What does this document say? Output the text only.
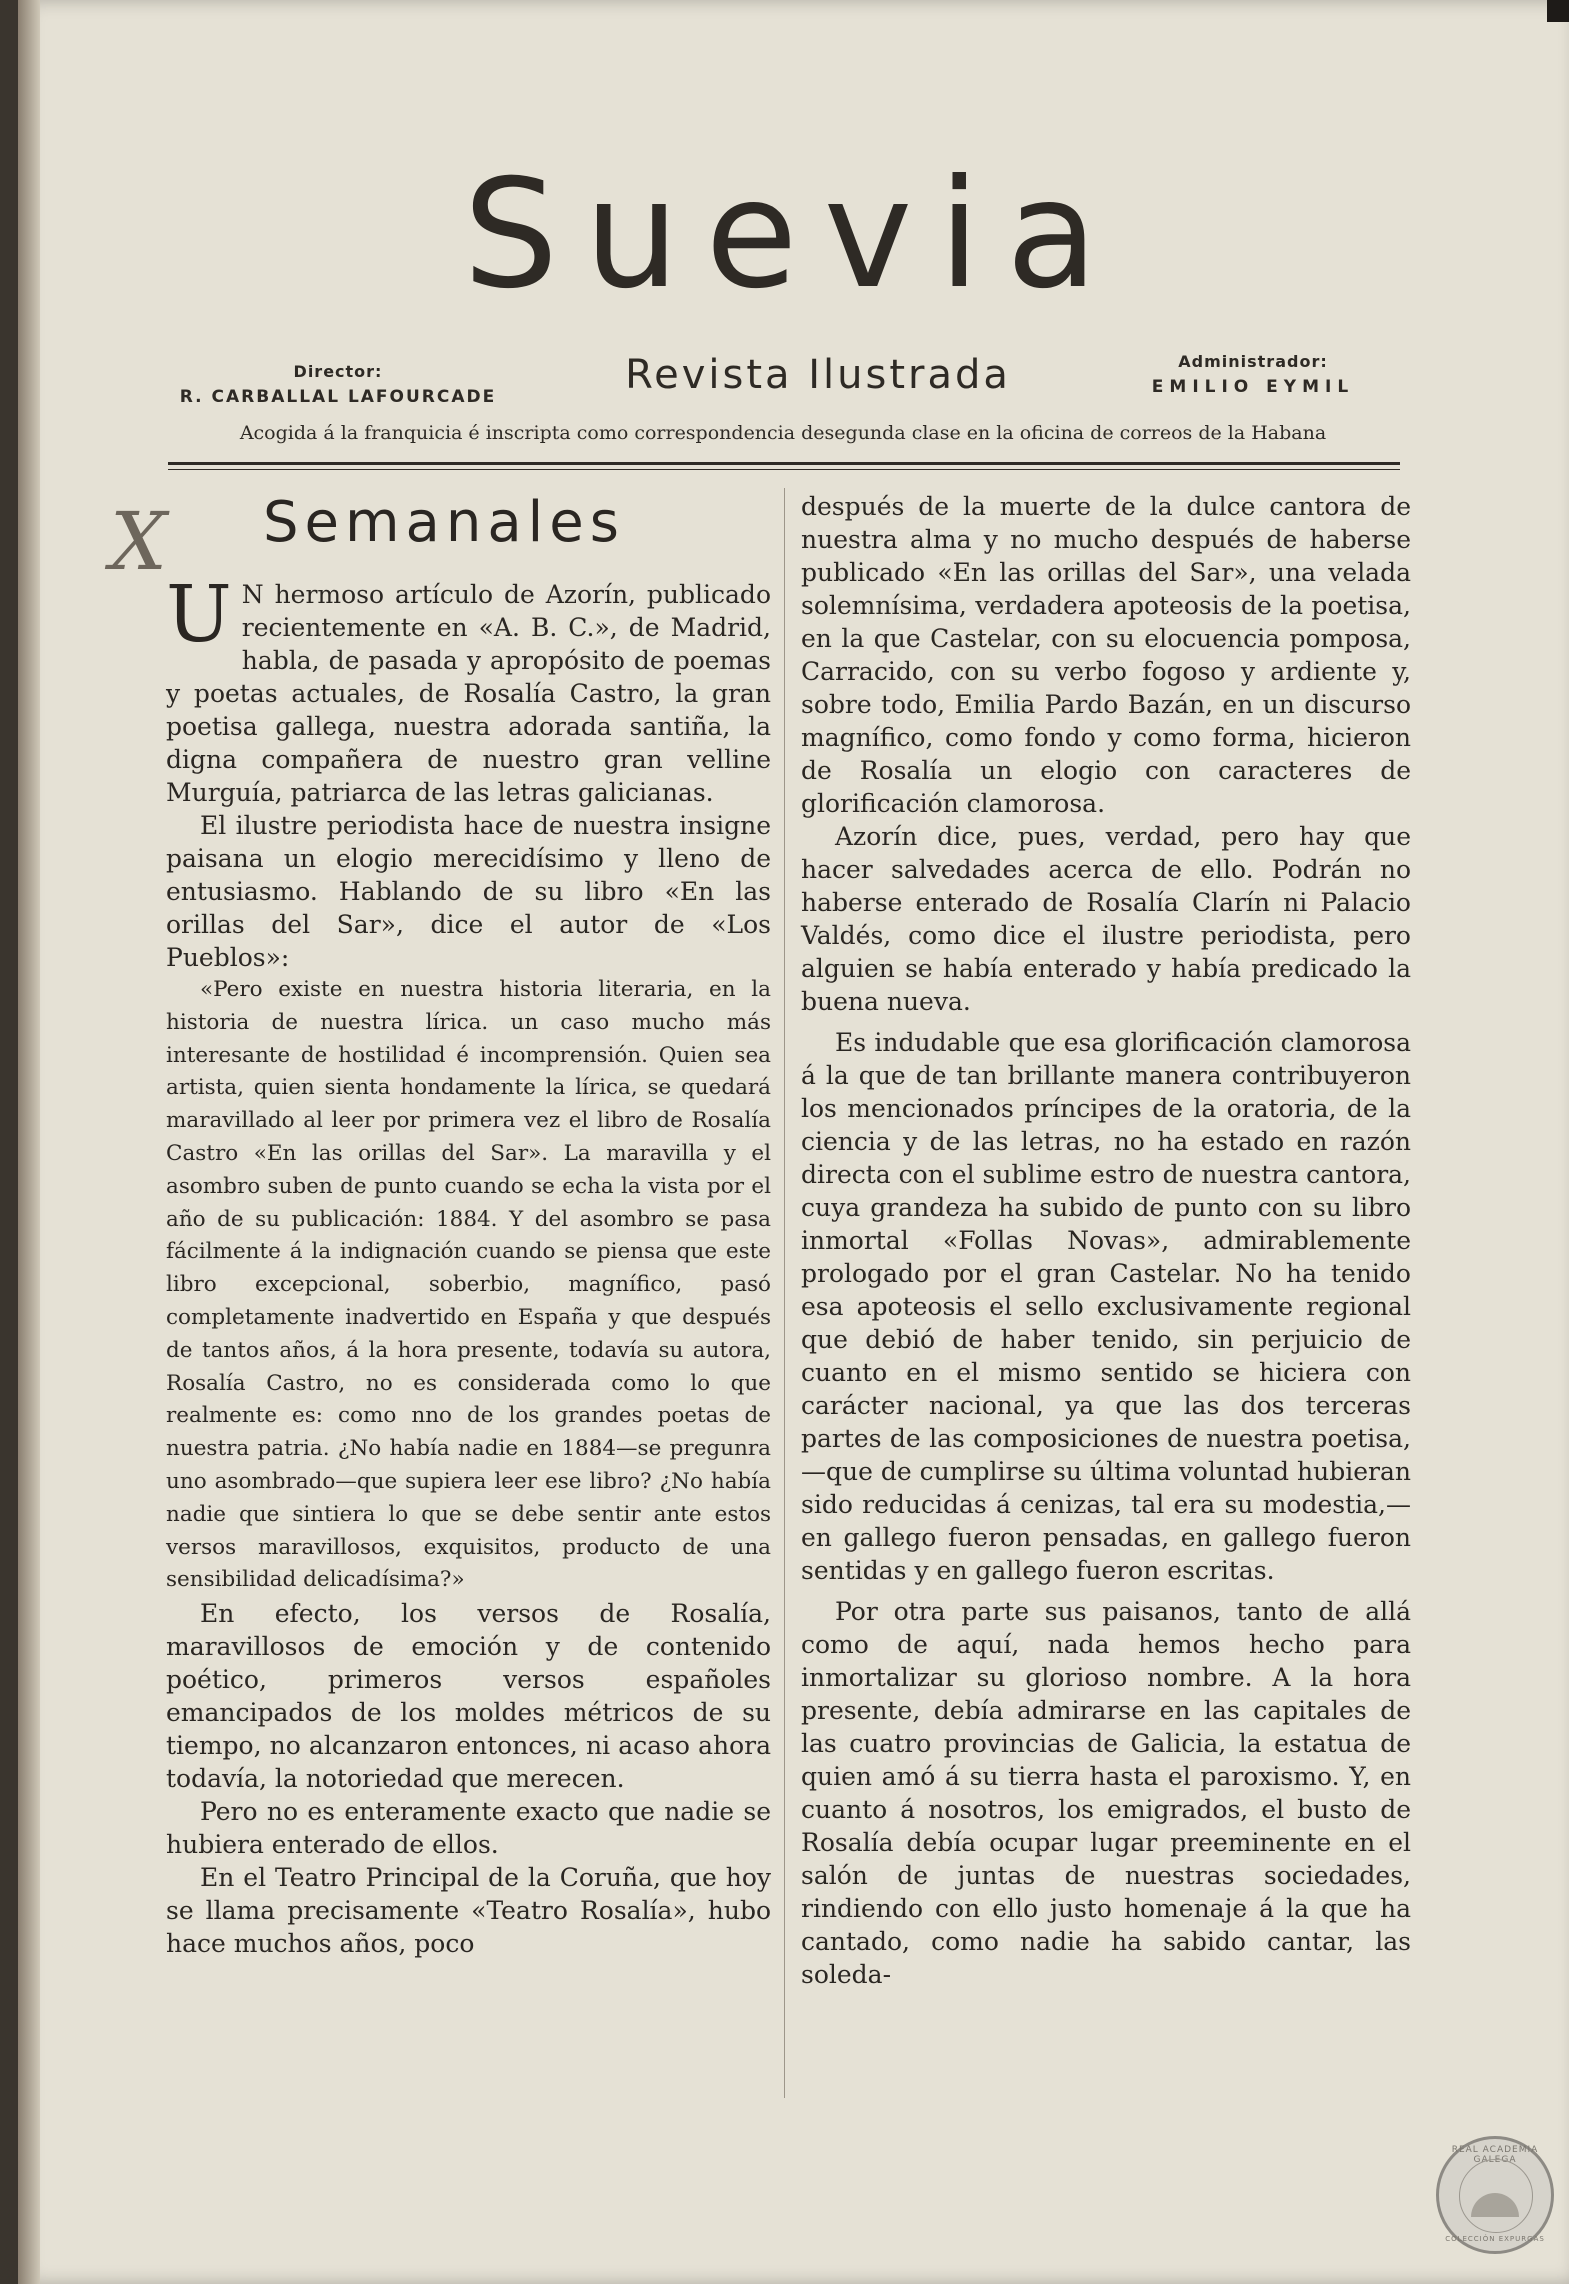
Suevia
Director:
R. CARBALLAL LAFOURCADE	Revista Ilustrada	Administrador:
EMILIO EYMIL
Acogida á la franquicia é inscripta como correspondencia desegunda clase en la oficina de correos de la Habana
X Semanales

U N hermoso artículo de Azorín, publicado recientemente en «A. B. C.», de Madrid, habla, de pasada y apropósito de poemas y poetas actuales, de Rosalía Castro, la gran poetisa gallega, nuestra adorada santiña, la digna compañera de nuestro gran velline Murguía, patriarca de las letras galicianas.

El ilustre periodista hace de nuestra insigne paisana un elogio merecidísimo y lleno de entusiasmo. Hablando de su libro «En las orillas del Sar», dice el autor de «Los Pueblos»:

«Pero existe en nuestra historia literaria, en la historia de nuestra lírica. un caso mucho más interesante de hostilidad é incomprensión. Quien sea artista, quien sienta hondamente la lírica, se quedará maravillado al leer por primera vez el libro de Rosalía Castro «En las orillas del Sar». La maravilla y el asombro suben de punto cuando se echa la vista por el año de su publicación: 1884. Y del asombro se pasa fácilmente á la indignación cuando se piensa que este libro excepcional, soberbio, magnífico, pasó completamente inadvertido en España y que después de tantos años, á la hora presente, todavía su autora, Rosalía Castro, no es considerada como lo que realmente es: como nno de los grandes poetas de nuestra patria. ¿No había nadie en 1884—se pregunra uno asombrado—que supiera leer ese libro? ¿No había nadie que sintiera lo que se debe sentir ante estos versos maravillosos, exquisitos, producto de una sensibilidad delicadísima?»

En efecto, los versos de Rosalía, maravillosos de emoción y de contenido poético, primeros versos españoles emancipados de los moldes métricos de su tiempo, no alcanzaron entonces, ni acaso ahora todavía, la notoriedad que merecen.

Pero no es enteramente exacto que nadie se hubiera enterado de ellos.

En el Teatro Principal de la Coruña, que hoy se llama precisamente «Teatro Rosalía», hubo hace muchos años, poco

después de la muerte de la dulce cantora de nuestra alma y no mucho después de haberse publicado «En las orillas del Sar», una velada solemnísima, verdadera apoteosis de la poetisa, en la que Castelar, con su elocuencia pomposa, Carracido, con su verbo fogoso y ardiente y, sobre todo, Emilia Pardo Bazán, en un discurso magnífico, como fondo y como forma, hicieron de Rosalía un elogio con caracteres de glorificación clamorosa.

Azorín dice, pues, verdad, pero hay que hacer salvedades acerca de ello. Podrán no haberse enterado de Rosalía Clarín ni Palacio Valdés, como dice el ilustre periodista, pero alguien se había enterado y había predicado la buena nueva.

Es indudable que esa glorificación clamorosa á la que de tan brillante manera contribuyeron los mencionados príncipes de la oratoria, de la ciencia y de las letras, no ha estado en razón directa con el sublime estro de nuestra cantora, cuya grandeza ha subido de punto con su libro inmortal «Follas Novas», admirablemente prologado por el gran Castelar. No ha tenido esa apoteosis el sello exclusivamente regional que debió de haber tenido, sin perjuicio de cuanto en el mismo sentido se hiciera con carácter nacional, ya que las dos terceras partes de las composiciones de nuestra poetisa,—que de cumplirse su última voluntad hubieran sido reducidas á cenizas, tal era su modestia,—en gallego fueron pensadas, en gallego fueron sentidas y en gallego fueron escritas.

Por otra parte sus paisanos, tanto de allá como de aquí, nada hemos hecho para inmortalizar su glorioso nombre. A la hora presente, debía admirarse en las capitales de las cuatro provincias de Galicia, la estatua de quien amó á su tierra hasta el paroxismo. Y, en cuanto á nosotros, los emigrados, el busto de Rosalía debía ocupar lugar preeminente en el salón de juntas de nuestras sociedades, rindiendo con ello justo homenaje á la que ha cantado, como nadie ha sabido cantar, las soleda-

REAL ACADEMIA GALEGA
COLECCIÓN EXPURGAS
